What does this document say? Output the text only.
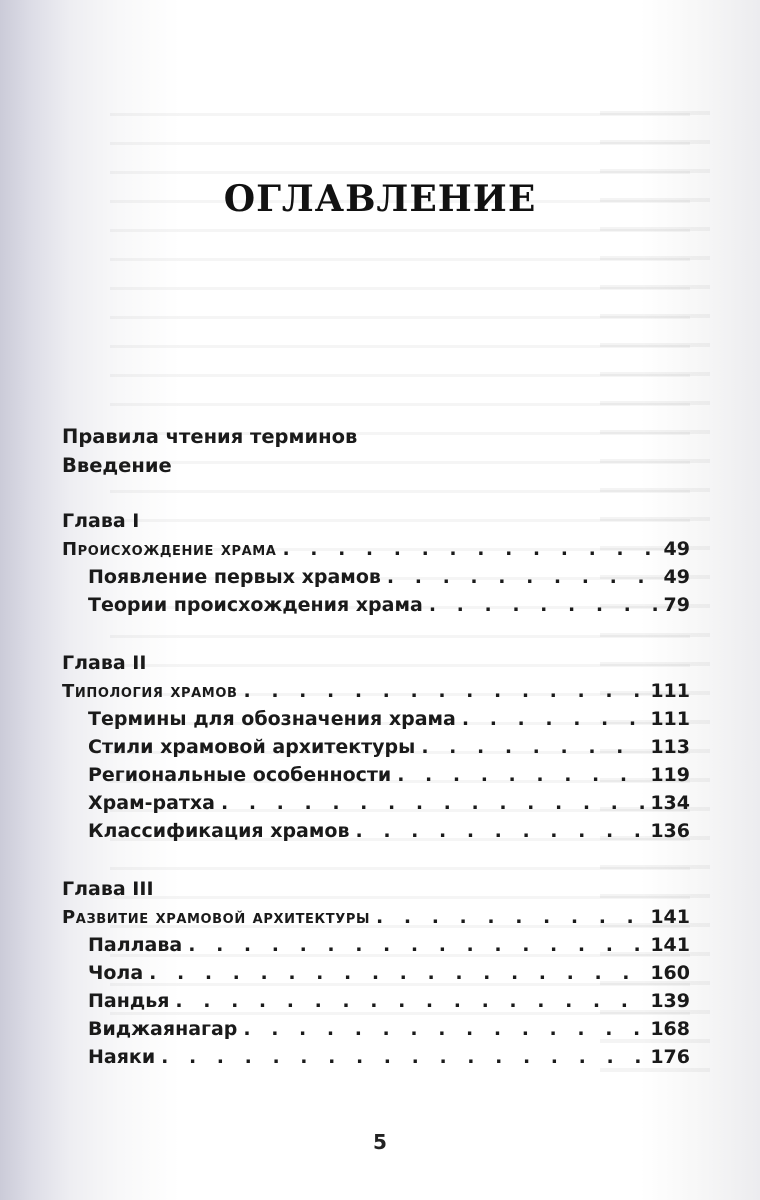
ОГЛАВЛЕНИЕ
Правила чтения терминов
Введение
Глава I
Происхождение храма . . .	49
Появление первых храмов . . .	49
Теории происхождения храма . . .	79
Глава II
Типология храмов . . .	111
Термины для обозначения храма . . .	111
Стили храмовой архитектуры . . .	113
Региональные особенности . . .	119
Храм-ратха . . .	134
Классификация храмов . . .	136
Глава III
Развитие храмовой архитектуры . . .	141
Паллава . . .	141
Чола . . .	160
Пандья . . .	139
Виджаянагар . . .	168
Наяки . . .	176
5
